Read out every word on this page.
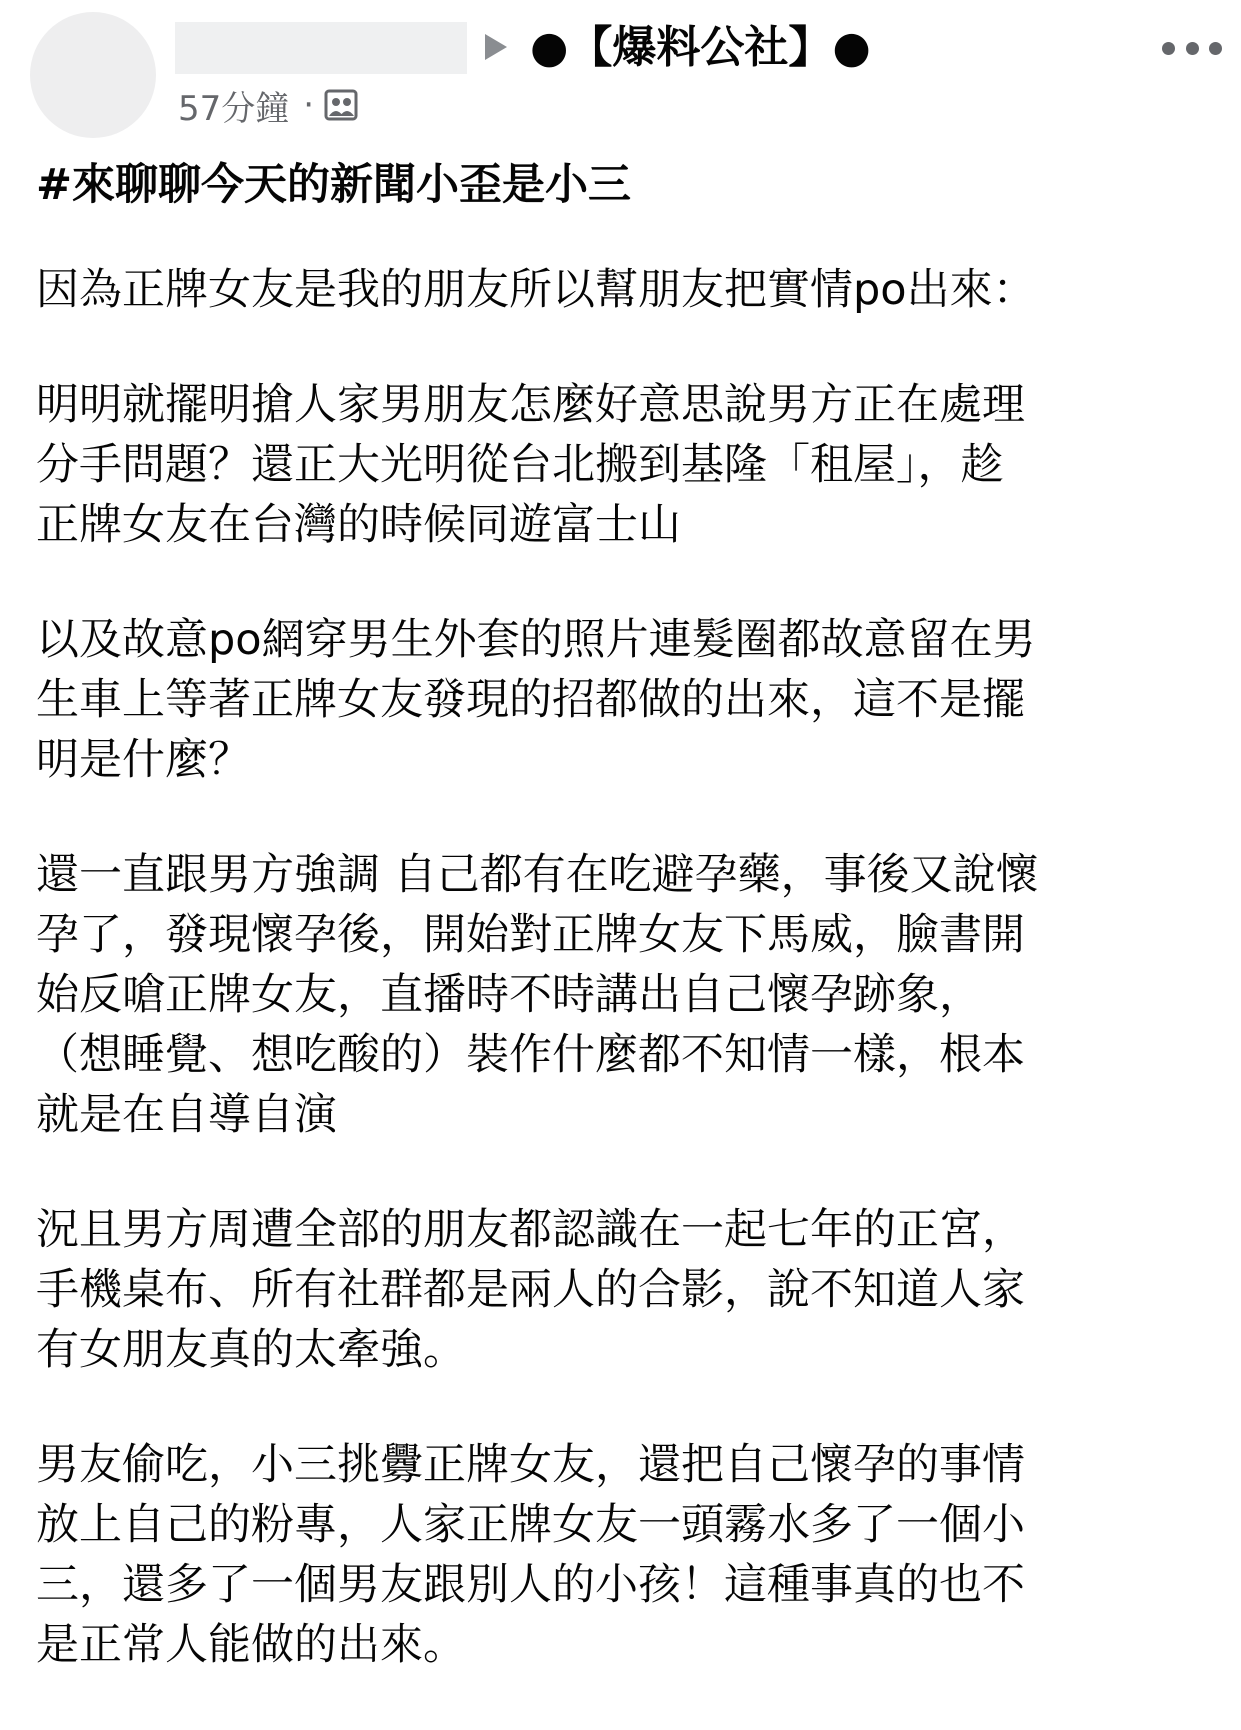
●【爆料公社】●
57分鐘 ·
#來聊聊今天的新聞小歪是小三
因為正牌女友是我的朋友所以幫朋友把實情po出來：
明明就擺明搶人家男朋友怎麼好意思說男方正在處理
分手問題？還正大光明從台北搬到基隆「租屋」，趁
正牌女友在台灣的時候同遊富士山
以及故意po網穿男生外套的照片連髮圈都故意留在男
生車上等著正牌女友發現的招都做的出來，這不是擺
明是什麼？
還一直跟男方強調 自己都有在吃避孕藥，事後又說懷
孕了，發現懷孕後，開始對正牌女友下馬威，臉書開
始反嗆正牌女友，直播時不時講出自己懷孕跡象，
（想睡覺、想吃酸的）裝作什麼都不知情一樣，根本
就是在自導自演
況且男方周遭全部的朋友都認識在一起七年的正宮，
手機桌布、所有社群都是兩人的合影，說不知道人家
有女朋友真的太牽強。
男友偷吃，小三挑釁正牌女友，還把自己懷孕的事情
放上自己的粉專，人家正牌女友一頭霧水多了一個小
三，還多了一個男友跟別人的小孩！這種事真的也不
是正常人能做的出來。
